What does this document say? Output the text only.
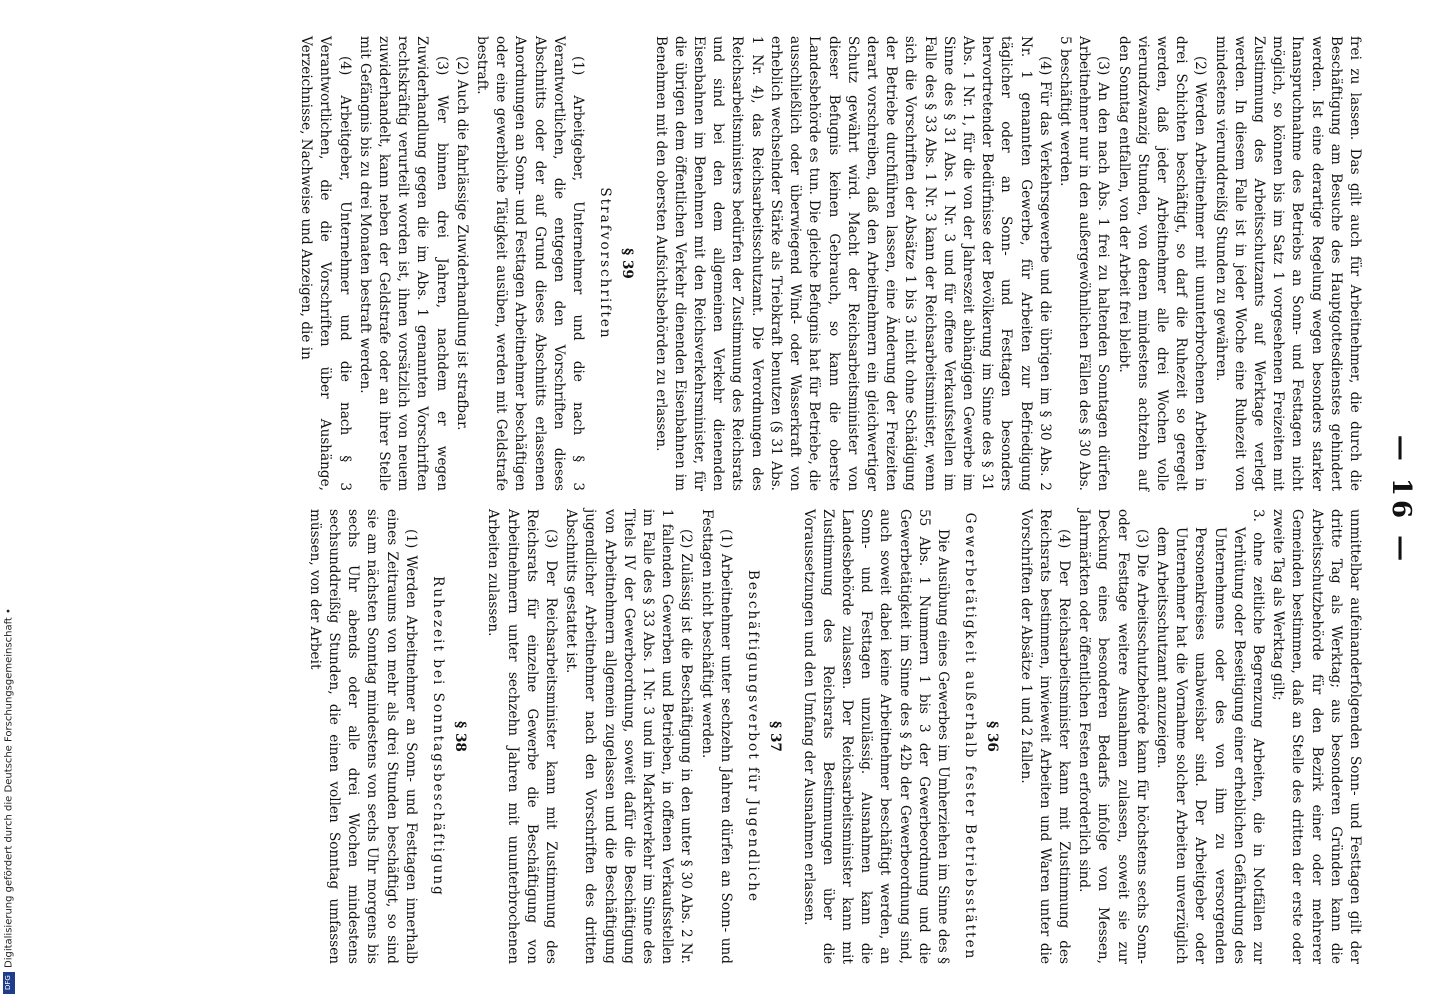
— 16 —

frei zu lassen. Das gilt auch für Arbeitnehmer, die durch die Beschäftigung am Besuche des Hauptgottesdienstes gehindert werden. Ist eine derartige Regelung wegen besonders starker Inanspruchnahme des Betriebs an Sonn- und Festtagen nicht möglich, so können bis im Satz 1 vorgesehenen Freizeiten mit Zustimmung des Arbeitsschutzamts auf Werktage verlegt werden. In diesem Falle ist in jeder Woche eine Ruhezeit von mindestens vierunddreißig Stunden zu gewähren.

(2) Werden Arbeitnehmer mit ununterbrochenen Arbeiten in drei Schichten beschäftigt, so darf die Ruhezeit so geregelt werden, daß jeder Arbeitnehmer alle drei Wochen volle vierundzwanzig Stunden, von denen mindestens achtzehn auf den Sonntag entfallen, von der Arbeit frei bleibt.

(3) An den nach Abs. 1 frei zu haltenden Sonntagen dürfen Arbeitnehmer nur in den außergewöhnlichen Fällen des § 30 Abs. 5 beschäftigt werden.

(4) Für das Verkehrsgewerbe und die übrigen im § 30 Abs. 2 Nr. 1 genannten Gewerbe, für Arbeiten zur Befriedigung täglicher oder an Sonn- und Festtagen besonders hervortretender Bedürfnisse der Bevölkerung im Sinne des § 31 Abs. 1 Nr. 1, für die von der Jahreszeit abhängigen Gewerbe im Sinne des § 31 Abs. 1 Nr. 3 und für offene Verkaufsstellen im Falle des § 33 Abs. 1 Nr. 3 kann der Reichsarbeitsminister, wenn sich die Vorschriften der Absätze 1 bis 3 nicht ohne Schädigung der Betriebe durchführen lassen, eine Änderung der Freizeiten derart vorschreiben, daß den Arbeitnehmern ein gleichwertiger Schutz gewährt wird. Macht der Reichsarbeitsminister von dieser Befugnis keinen Gebrauch, so kann die oberste Landesbehörde es tun. Die gleiche Befugnis hat für Betriebe, die ausschließlich oder überwiegend Wind- oder Wasserkraft von erheblich wechselnder Stärke als Triebkraft benutzen (§ 31 Abs. 1 Nr. 4), das Reichsarbeitsschutzamt. Die Verordnungen des Reichsarbeitsministers bedürfen der Zustimmung des Reichsrats und sind bei den dem allgemeinen Verkehr dienenden Eisenbahnen im Benehmen mit den Reichsverkehrsminister, für die übrigen dem öffentlichen Verkehr dienenden Eisenbahnen im Benehmen mit den obersten Aufsichtsbehörden zu erlassen.

§ 39
Strafvorschriften

(1) Arbeitgeber, Unternehmer und die nach § 3 Verantwortlichen, die entgegen den Vorschriften dieses Abschnitts oder der auf Grund dieses Abschnitts erlassenen Anordnungen an Sonn- und Festtagen Arbeitnehmer beschäftigen oder eine gewerbliche Tätigkeit ausüben, werden mit Geldstrafe bestraft.

(2) Auch die fahrlässige Zuwiderhandlung ist strafbar.

(3) Wer binnen drei Jahren, nachdem er wegen Zuwiderhandlung gegen die im Abs. 1 genannten Vorschriften rechtskräftig verurteilt worden ist, ihnen vorsätzlich von neuem zuwiderhandelt, kann neben der Geldstrafe oder an ihrer Stelle mit Gefängnis bis zu drei Monaten bestraft werden.

(4) Arbeitgeber, Unternehmer und die nach § 3 Verantwortlichen, die die Vorschriften über Aushänge, Verzeichnisse, Nachweise und Anzeigen, die in

unmittelbar aufeinanderfolgenden Sonn- und Festtagen gilt der dritte Tag als Werktag; aus besonderen Gründen kann die Arbeitsschutzbehörde für den Bezirk einer oder mehrerer Gemeinden bestimmen, daß an Stelle des dritten der erste oder zweite Tag als Werktag gilt;

3. ohne zeitliche Begrenzung Arbeiten, die in Notfällen zur Verhütung oder Beseitigung einer erheblichen Gefährdung des Unternehmens oder des von ihm zu versorgenden Personenkreises unabweisbar sind. Der Arbeitgeber oder Unternehmer hat die Vornahme solcher Arbeiten unverzüglich dem Arbeitsschutzamt anzuzeigen.

(3) Die Arbeitsschutzbehörde kann für höchstens sechs Sonn- oder Festtage weitere Ausnahmen zulassen, soweit sie zur Deckung eines besonderen Bedarfs infolge von Messen, Jahrmärkten oder öffentlichen Festen erforderlich sind.

(4) Der Reichsarbeitsminister kann mit Zustimmung des Reichsrats bestimmen, inwieweit Arbeiten und Waren unter die Vorschriften der Absätze 1 und 2 fallen.

§ 36
Gewerbetätigkeit außerhalb fester Betriebsstätten

Die Ausübung eines Gewerbes im Umherziehen im Sinne des § 55 Abs. 1 Nummern 1 bis 3 der Gewerbeordnung und die Gewerbetätigkeit im Sinne des § 42b der Gewerbeordnung sind, auch soweit dabei keine Arbeitnehmer beschäftigt werden, an Sonn- und Festtagen unzulässig. Ausnahmen kann die Landesbehörde zulassen. Der Reichsarbeitsminister kann mit Zustimmung des Reichsrats Bestimmungen über die Voraussetzungen und den Umfang der Ausnahmen erlassen.

§ 37
Beschäftigungsverbot für Jugendliche

(1) Arbeitnehmer unter sechzehn Jahren dürfen an Sonn- und Festtagen nicht beschäftigt werden.

(2) Zulässig ist die Beschäftigung in den unter § 30 Abs. 2 Nr. 1 fallenden Gewerben und Betrieben, in offenen Verkaufsstellen im Falle des § 33 Abs. 1 Nr. 3 und im Marktverkehr im Sinne des Titels IV der Gewerbeordnung, soweit dafür die Beschäftigung von Arbeitnehmern allgemein zugelassen und die Beschäftigung jugendlicher Arbeitnehmer nach den Vorschriften des dritten Abschnitts gestattet ist.

(3) Der Reichsarbeitsminister kann mit Zustimmung des Reichsrats für einzelne Gewerbe die Beschäftigung von Arbeitnehmern unter sechzehn Jahren mit ununterbrochenen Arbeiten zulassen.

§ 38
Ruhezeit bei Sonntagsbeschäftigung

(1) Werden Arbeitnehmer an Sonn- und Festtagen innerhalb eines Zeitraums von mehr als drei Stunden beschäftigt, so sind sie am nächsten Sonntag mindestens von sechs Uhr morgens bis sechs Uhr abends oder alle drei Wochen mindestens sechsunddreißig Stunden, die einen vollen Sonntag umfassen müssen, von der Arbeit

DFG
Digitalisierung gefördert durch die Deutsche Forschungsgemeinschaft •
